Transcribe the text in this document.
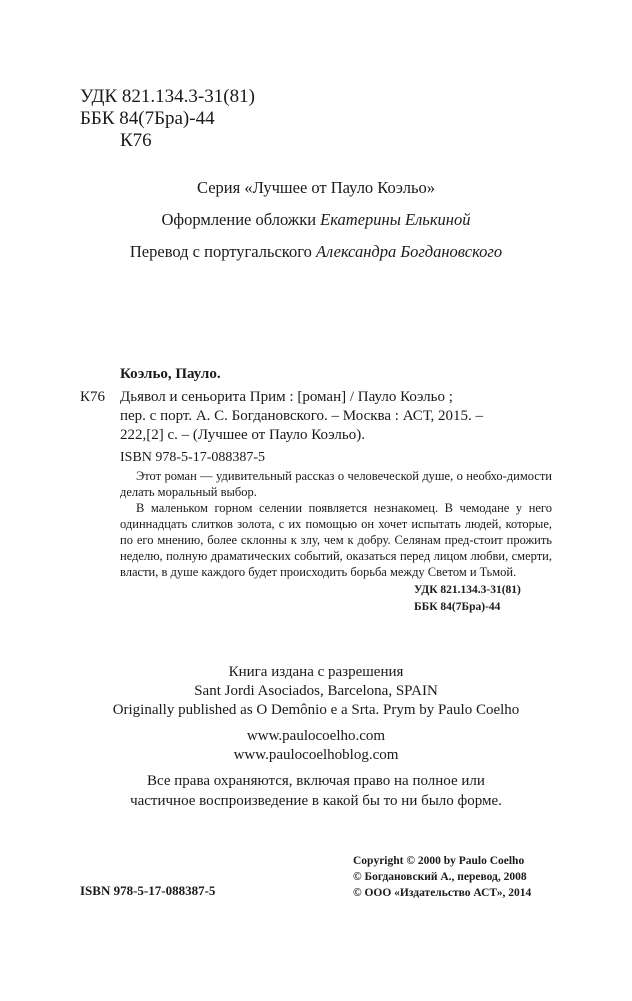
УДК 821.134.3-31(81)
ББК 84(7Бра)-44
К76
Серия «Лучшее от Пауло Коэльо»
Оформление обложки Екатерины Елькиной
Перевод с португальского Александра Богдановского
Коэльо, Пауло.
К76 Дьявол и сеньорита Прим : [роман] / Пауло Коэльо ;
пер. с порт. А. С. Богдановского. – Москва : АСТ, 2015. –
222,[2] с. – (Лучшее от Пауло Коэльо).
ISBN 978-5-17-088387-5

Этот роман — удивительный рассказ о человеческой душе, о необхо-димости делать моральный выбор.

В маленьком горном селении появляется незнакомец. В чемодане у него одиннадцать слитков золота, с их помощью он хочет испытать людей, которые, по его мнению, более склонны к злу, чем к добру. Селянам пред-стоит прожить неделю, полную драматических событий, оказаться перед лицом любви, смерти, власти, в душе каждого будет происходить борьба между Светом и Тьмой.

УДК 821.134.3-31(81)
ББК 84(7Бра)-44
Книга издана с разрешения
Sant Jordi Asociados, Barcelona, SPAIN
Originally published as O Demônio e a Srta. Prym by Paulo Coelho
www.paulocoelho.com
www.paulocoelhoblog.com
Все права охраняются, включая право на полное или
частичное воспроизведение в какой бы то ни было форме.
Copyright © 2000 by Paulo Coelho
© Богдановский А., перевод, 2008
© ООО «Издательство АСТ», 2014
ISBN 978-5-17-088387-5
